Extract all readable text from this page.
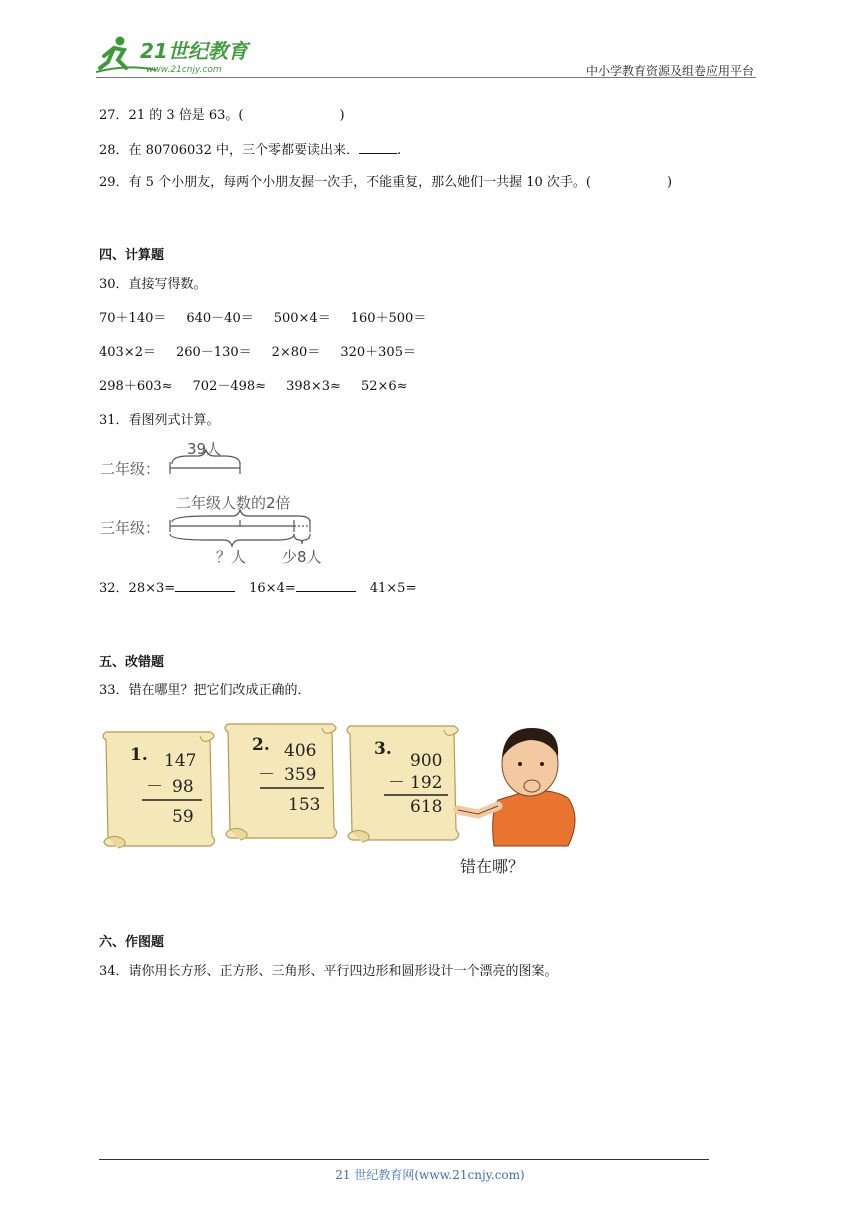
21世纪教育
www.21cnjy.com	中小学教育资源及组卷应用平台
27．21 的 3 倍是 63。(	)
28．在 80706032 中，三个零都要读出来．	.
29．有 5 个小朋友，每两个小朋友握一次手，不能重复，那么她们一共握 10 次手。(	)
四、计算题
30．直接写得数。
70＋140＝ 640－40＝ 500×4＝ 160＋500＝
403×2＝ 260－130＝ 2×80＝ 320＋305＝
298＋603≈ 702－498≈ 398×3≈ 52×6≈
31．看图列式计算。
39人
二年级：
二年级人数的2倍
三年级：
？人 少8人
32．28×3=	16×4=	41×5=
五、改错题
33．错在哪里？把它们改成正确的．
1. 147
－ 98
59
2. 406
－ 359
153
3.
900
－ 192
618
错在哪？
六、作图题
34．请你用长方形、正方形、三角形、平行四边形和圆形设计一个漂亮的图案。
21 世纪教育网(www.21cnjy.com)
